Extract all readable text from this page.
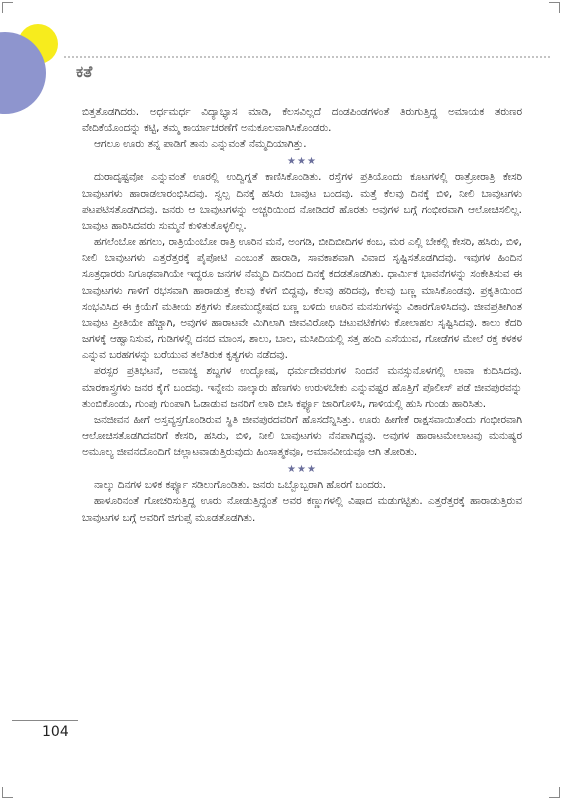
ಕತೆ

ಬಿತ್ತತೊಡಗಿದರು. ಅರ್ಧಮರ್ಧ ವಿದ್ಯಾಭ್ಯಾಸ ಮಾಡಿ, ಕೆಲಸವಿಲ್ಲದೆ ದಂಡಪಿಂಡಗಳಂತೆ ತಿರುಗುತ್ತಿದ್ದ ಅಮಾಯಕ ತರುಣರ ವೇದಿಕೆಯೊಂದನ್ನು ಕಟ್ಟಿ, ತಮ್ಮ ಕಾರ್ಯಾಚರಣೆಗೆ ಅನುಕೂಲವಾಗಿಸಿಕೊಂಡರು.

ಆಗಲೂ ಊರು ತನ್ನ ಪಾಡಿಗೆ ತಾನು ಎನ್ನುವಂತೆ ನೆಮ್ಮದಿಯಾಗಿತ್ತು.

★★★

ದುರಾದೃಷ್ಟವೋ ಎನ್ನುವಂತೆ ಊರಲ್ಲಿ ಉದ್ವಿಗ್ನತೆ ಕಾಣಿಸಿಕೊಂಡಿತು. ರಸ್ತೆಗಳ ಪ್ರತಿಯೊಂದು ಕೂಟಗಳಲ್ಲಿ ರಾತ್ರೋರಾತ್ರಿ ಕೇಸರಿ ಬಾವುಟಗಳು ಹಾರಾಡಲಾರಂಭಿಸಿದವು. ಸ್ವಲ್ಪ ದಿನಕ್ಕೆ ಹಸಿರು ಬಾವುಟ ಬಂದವು. ಮತ್ತೆ ಕೆಲವು ದಿನಕ್ಕೆ ಬಿಳಿ, ನೀಲಿ ಬಾವುಟಗಳು ಪಟಪಟಿಸತೊಡಗಿದವು. ಜನರು ಆ ಬಾವುಟಗಳನ್ನು ಅಚ್ಚರಿಯಿಂದ ನೋಡಿದರೆ ಹೊರತು ಅವುಗಳ ಬಗ್ಗೆ ಗಂಭೀರವಾಗಿ ಆಲೋಚಿಸಲಿಲ್ಲ. ಬಾವುಟ ಹಾರಿಸಿದವರು ಸುಮ್ಮನೆ ಕುಳಿತುಕೊಳ್ಳಲಿಲ್ಲ.

ಹಗಲೆಂಬೋ ಹಗಲು, ರಾತ್ರಿಯೆಂಬೋ ರಾತ್ರಿ ಊರಿನ ಮನೆ, ಅಂಗಡಿ, ಬೀದಿಬೀದಿಗಳ ಕಂಬ, ಮರ ಎಲ್ಲಿ ಬೇಕಲ್ಲಿ ಕೇಸರಿ, ಹಸಿರು, ಬಿಳಿ, ನೀಲಿ ಬಾವುಟಗಳು ಎತ್ತರೆತ್ತರಕ್ಕೆ ಪೈಪೋಟಿ ಎಂಬಂತೆ ಹಾರಾಡಿ, ಸಾವಕಾಶವಾಗಿ ವಿವಾದ ಸೃಷ್ಟಿಸತೊಡಗಿದವು. ಇವುಗಳ ಹಿಂದಿನ ಸೂತ್ರಧಾರರು ನಿಗೂಢವಾಗಿಯೇ ಇದ್ದರೂ ಜನಗಳ ನೆಮ್ಮದಿ ದಿನದಿಂದ ದಿನಕ್ಕೆ ಕದಡತೊಡಗಿತು. ಧಾರ್ಮಿಕ ಭಾವನೆಗಳನ್ನು ಸಂಕೇತಿಸುವ ಈ ಬಾವುಟಗಳು ಗಾಳಿಗೆ ರಭಸವಾಗಿ ಹಾರಾಡುತ್ತ ಕೆಲವು ಕೆಳಗೆ ಬಿದ್ದವು, ಕೆಲವು ಹರಿದವು, ಕೆಲವು ಬಣ್ಣ ಮಾಸಿಕೊಂಡವು. ಪ್ರಕೃತಿಯಿಂದ ಸಂಭವಿಸಿದ ಈ ಕ್ರಿಯೆಗೆ ಮತೀಯ ಶಕ್ತಿಗಳು ಕೋಮುದ್ವೇಷದ ಬಣ್ಣ ಬಳಿದು ಊರಿನ ಮನಸುಗಳನ್ನು ವಿಕಾರಗೊಳಿಸಿದವು. ಜೀವಪ್ರತೀಗಿಂತ ಬಾವುಟ ಪ್ರೀತಿಯೇ ಹೆಚ್ಚಾಗಿ, ಅವುಗಳ ಹಾರಾಟವೇ ಮಿಗಿಲಾಗಿ ಜೀವವಿರೋಧಿ ಚಟುವಟಿಕೆಗಳು ಕೋಲಾಹಲ ಸೃಷ್ಟಿಸಿದವು. ಕಾಲು ಕೆದರಿ ಜಗಳಕ್ಕೆ ಆಹ್ವಾನಿಸುವ, ಗುಡಿಗಳಲ್ಲಿ ದನದ ಮಾಂಸ, ಶಾಲು, ಬಾಲ, ಮಸೀದಿಯಲ್ಲಿ ಸತ್ತ ಹಂದಿ ಎಸೆಯುವ, ಗೋಡೆಗಳ ಮೇಲೆ ರಕ್ತ ಕಳಕಳ ಎನ್ನುವ ಬರಹಗಳನ್ನು ಬರೆಯುವ ತಲೆತಿರುಕ ಕೃತ್ಯಗಳು ನಡೆದವು.

ಪರಸ್ಪರ ಪ್ರತಿಭಟನೆ, ಅವಾಚ್ಯ ಶಬ್ದಗಳ ಉದ್ಘೋಷ, ಧರ್ಮದೇವರುಗಳ ನಿಂದನೆ ಮನಸ್ಸುನೊಳಗಲ್ಲಿ ಲಾವಾ ಕುದಿಸಿದವು. ಮಾರಕಾಸ್ತ್ರಗಳು ಜನರ ಕೈಗೆ ಬಂದವು. ಇನ್ನೇನು ನಾಲ್ಕಾರು ಹೆಣಗಳು ಉರುಳಬೇಕು ಎನ್ನುವಷ್ಟರ ಹೊತ್ತಿಗೆ ಪೊಲೀಸ್ ಪಡೆ ಜೀವಪುರವನ್ನು ತುಂಬಿಕೊಂಡು, ಗುಂಪು ಗುಂಪಾಗಿ ಓಡಾಡುವ ಜನರಿಗೆ ಲಾಠಿ ಬೀಸಿ ಕರ್ಫ್ಯೂ ಜಾರಿಗೊಳಿಸಿ, ಗಾಳಿಯಲ್ಲಿ ಹುಸಿ ಗುಂಡು ಹಾರಿಸಿತು.

ಜನಜೀವನ ಹೀಗೆ ಅಸ್ತವ್ಯಸ್ತಗೊಂಡಿರುವ ಸ್ಥಿತಿ ಜೀವಪುರದವರಿಗೆ ಹೊಸದೆನ್ನಿಸಿತ್ತು. ಊರು ಹೀಗೇಕೆ ರಾಕ್ಷಸವಾಯಿತೆಂದು ಗಂಭೀರವಾಗಿ ಆಲೋಚಿಸತೊಡಗಿದವರಿಗೆ ಕೇಸರಿ, ಹಸಿರು, ಬಿಳಿ, ನೀಲಿ ಬಾವುಟಗಳು ನೆನಪಾಗಿದ್ದವು. ಅವುಗಳ ಹಾರಾಟಮೇಲಾಟವು ಮನುಷ್ಯರ ಅಮೂಲ್ಯ ಜೀವನದೊಂದಿಗೆ ಚಲ್ಲಾಟವಾಡುತ್ತಿರುವುದು ಹಿಂಸಾತ್ಮಕವೂ, ಅಮಾನವೀಯವೂ ಆಗಿ ತೋರಿತು.

★★★

ನಾಲ್ಕು ದಿನಗಳ ಬಳಿಕ ಕರ್ಫ್ಯೂ ಸಡಿಲುಗೊಂಡಿತು. ಜನರು ಒಬ್ಬೊಬ್ಬರಾಗಿ ಹೊರಗೆ ಬಂದರು.

ಹಾಳೂರಿನಂತೆ ಗೋಚರಿಸುತ್ತಿದ್ದ ಊರು ನೋಡುತ್ತಿದ್ದಂತೆ ಅವರ ಕಣ್ಣುಗಳಲ್ಲಿ ವಿಷಾದ ಮಡುಗಟ್ಟಿತು. ಎತ್ತರೆತ್ತರಕ್ಕೆ ಹಾರಾಡುತ್ತಿರುವ ಬಾವುಟಗಳ ಬಗ್ಗೆ ಅವರಿಗೆ ಜಿಗುಪ್ಸೆ ಮೂಡತೊಡಗಿತು.

104
